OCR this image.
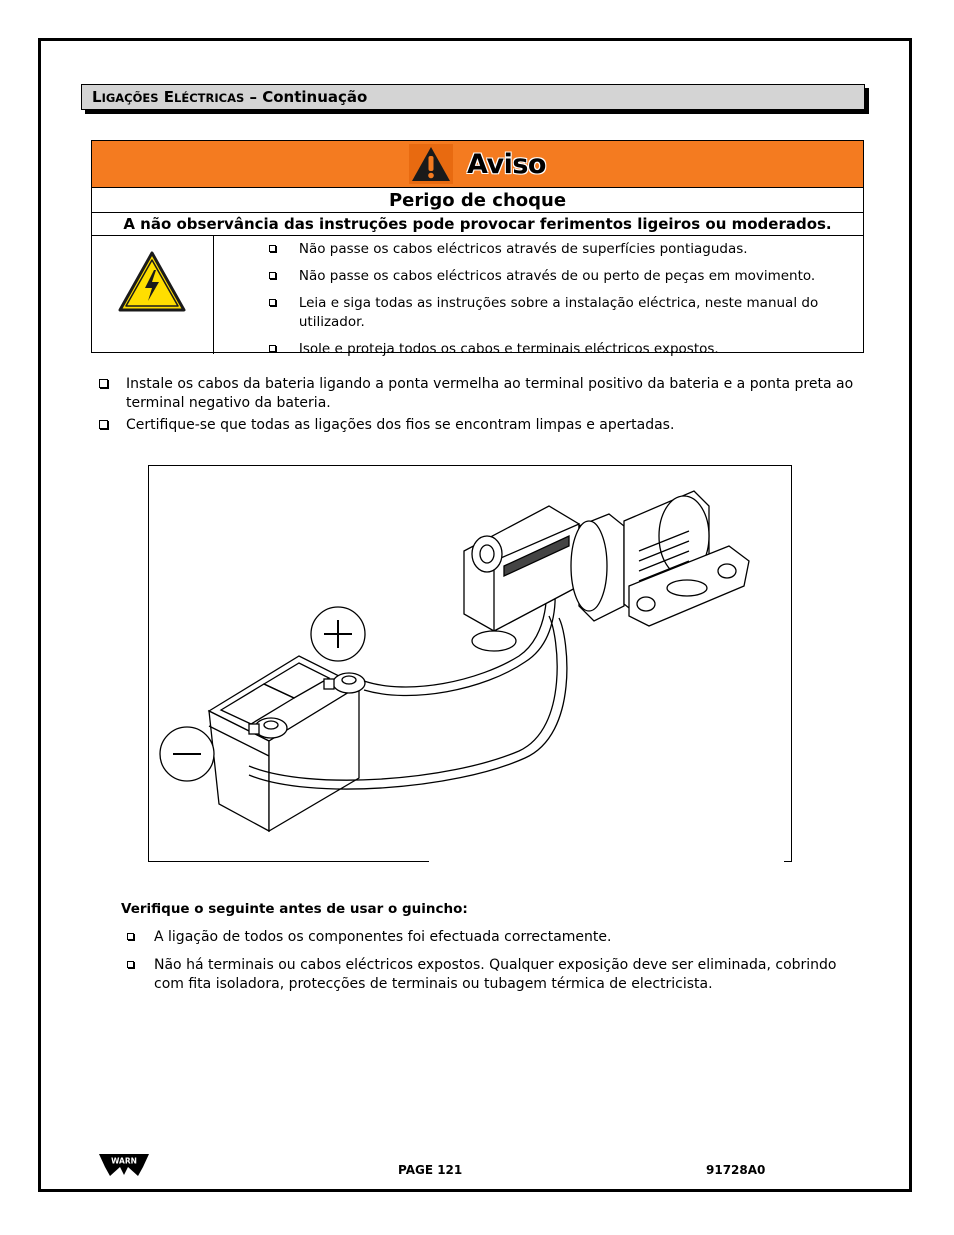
LIGAÇÕES ELÉCTRICAS – Continuação
Aviso
Perigo de choque
A não observância das instruções pode provocar ferimentos ligeiros ou moderados.
Não passe os cabos eléctricos através de superfícies pontiagudas.
Não passe os cabos eléctricos através de ou perto de peças em movimento.
Leia e siga todas as instruções sobre a instalação eléctrica, neste manual do utilizador.
Isole e proteja todos os cabos e terminais eléctricos expostos.
Instale os cabos da bateria ligando a ponta vermelha ao terminal positivo da bateria e a ponta preta ao terminal negativo da bateria.
Certifique-se que todas as ligações dos fios se encontram limpas e apertadas.
Verifique o seguinte antes de usar o guincho:
A ligação de todos os componentes foi efectuada correctamente.
Não há terminais ou cabos eléctricos expostos. Qualquer exposição deve ser eliminada, cobrindo com fita isoladora, protecções de terminais ou tubagem térmica de electricista.
WARN
PAGE 121	91728A0
